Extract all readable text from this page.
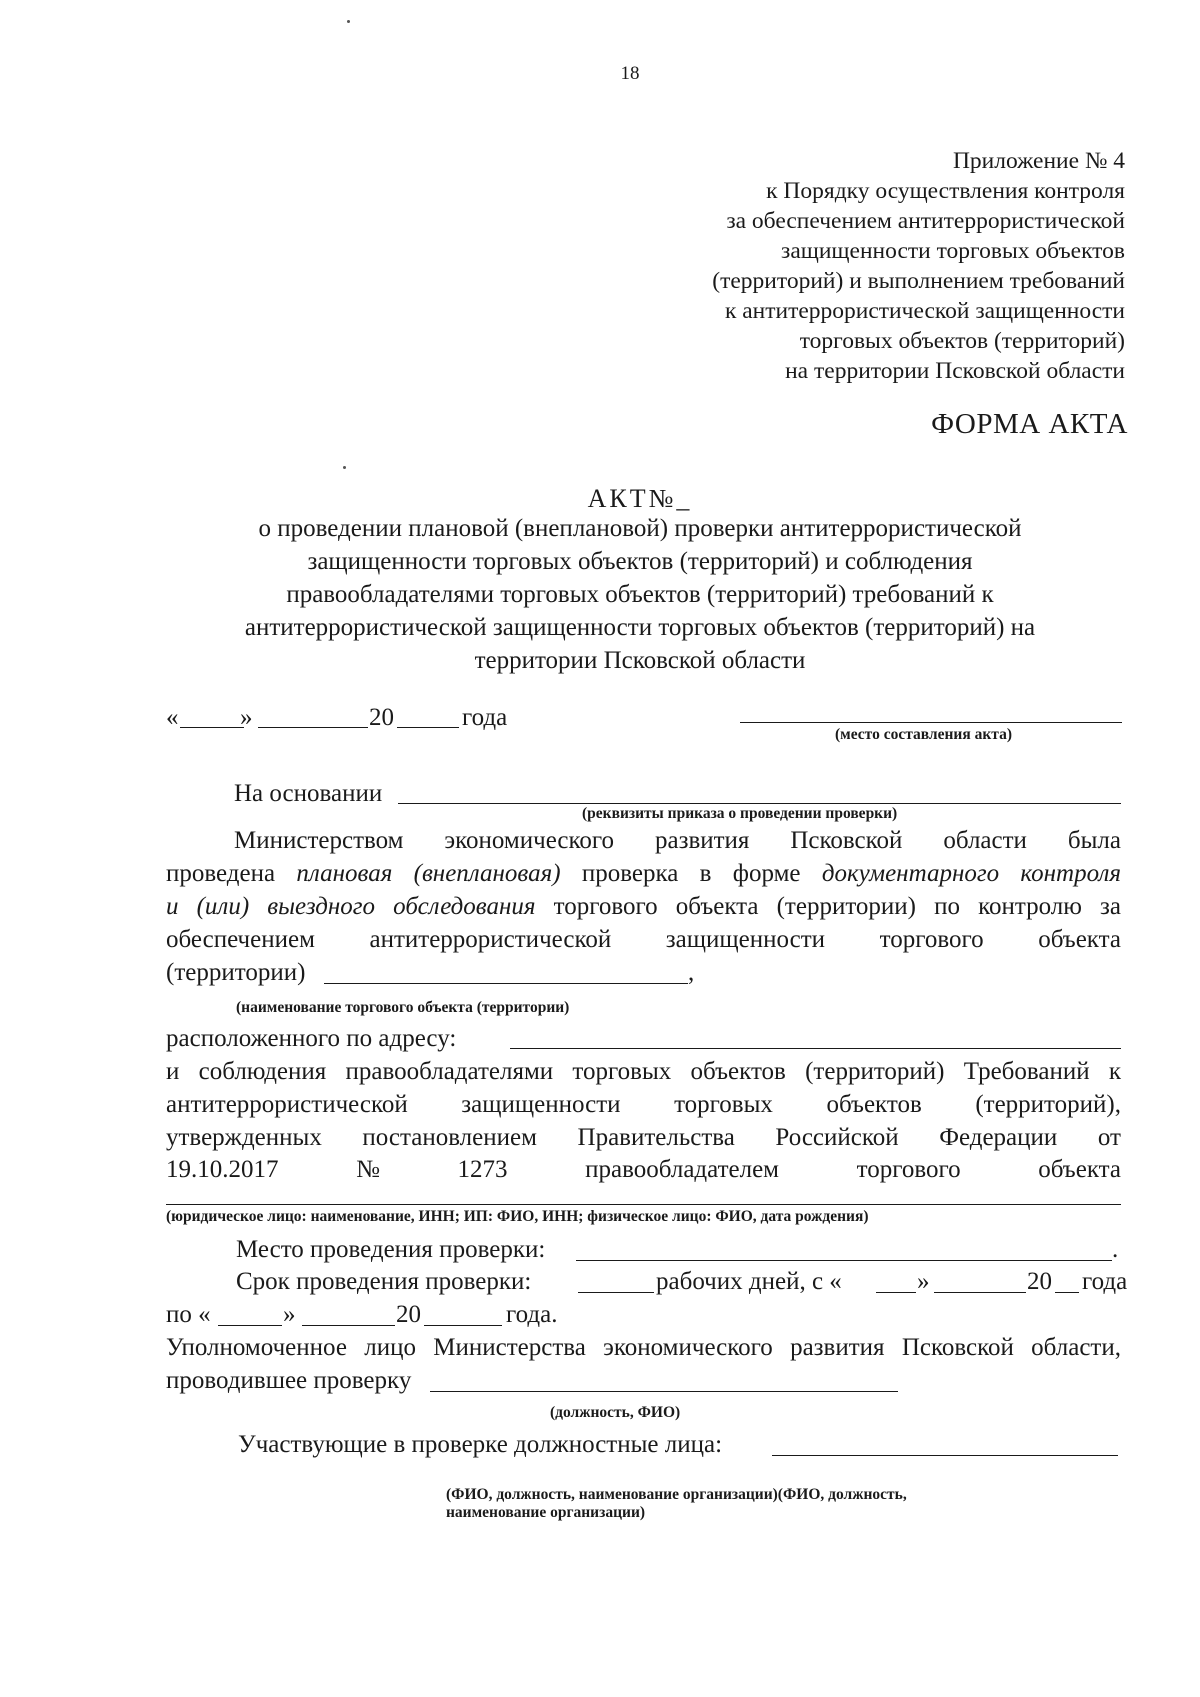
18
Приложение № 4
к Порядку осуществления контроля
за обеспечением антитеррористической
защищенности торговых объектов
(территорий) и выполнением требований
к антитеррористической защищенности
торговых объектов (территорий)
на территории Псковской области
ФОРМА АКТА
АКТ№_
о проведении плановой (внеплановой) проверки антитеррористической
защищенности торговых объектов (территорий) и соблюдения
правообладателями торговых объектов (территорий) требований к
антитеррористической защищенности торговых объектов (территорий) на
территории Псковской области
« »	20	года
(место составления акта)
На основании
(реквизиты приказа о проведении проверки)
Министерством экономического развития Псковской области была
проведена плановая (внеплановая) проверка в форме документарного контроля
и (или) выездного обследования торгового объекта (территории) по контролю за
обеспечением антитеррористической защищенности торгового объекта
(территории)	,
(наименование торгового объекта (территории)
расположенного по адресу:
и соблюдения правообладателями торговых объектов (территорий) Требований к
антитеррористической защищенности торговых объектов (территорий),
утвержденных постановлением Правительства Российской Федерации от
19.10.2017	№	1273	правообладателем	торгового	объекта
(юридическое лицо: наименование, ИНН; ИП: ФИО, ИНН; физическое лицо: ФИО, дата рождения)
Место проведения проверки:	.
Срок проведения проверки:	рабочих дней, с «	»	20 года
по «	»	20	года.
Уполномоченное лицо Министерства экономического развития Псковской области,
проводившее проверку
(должность, ФИО)
Участвующие в проверке должностные лица:
(ФИО, должность, наименование организации)(ФИО, должность,
наименование организации)
